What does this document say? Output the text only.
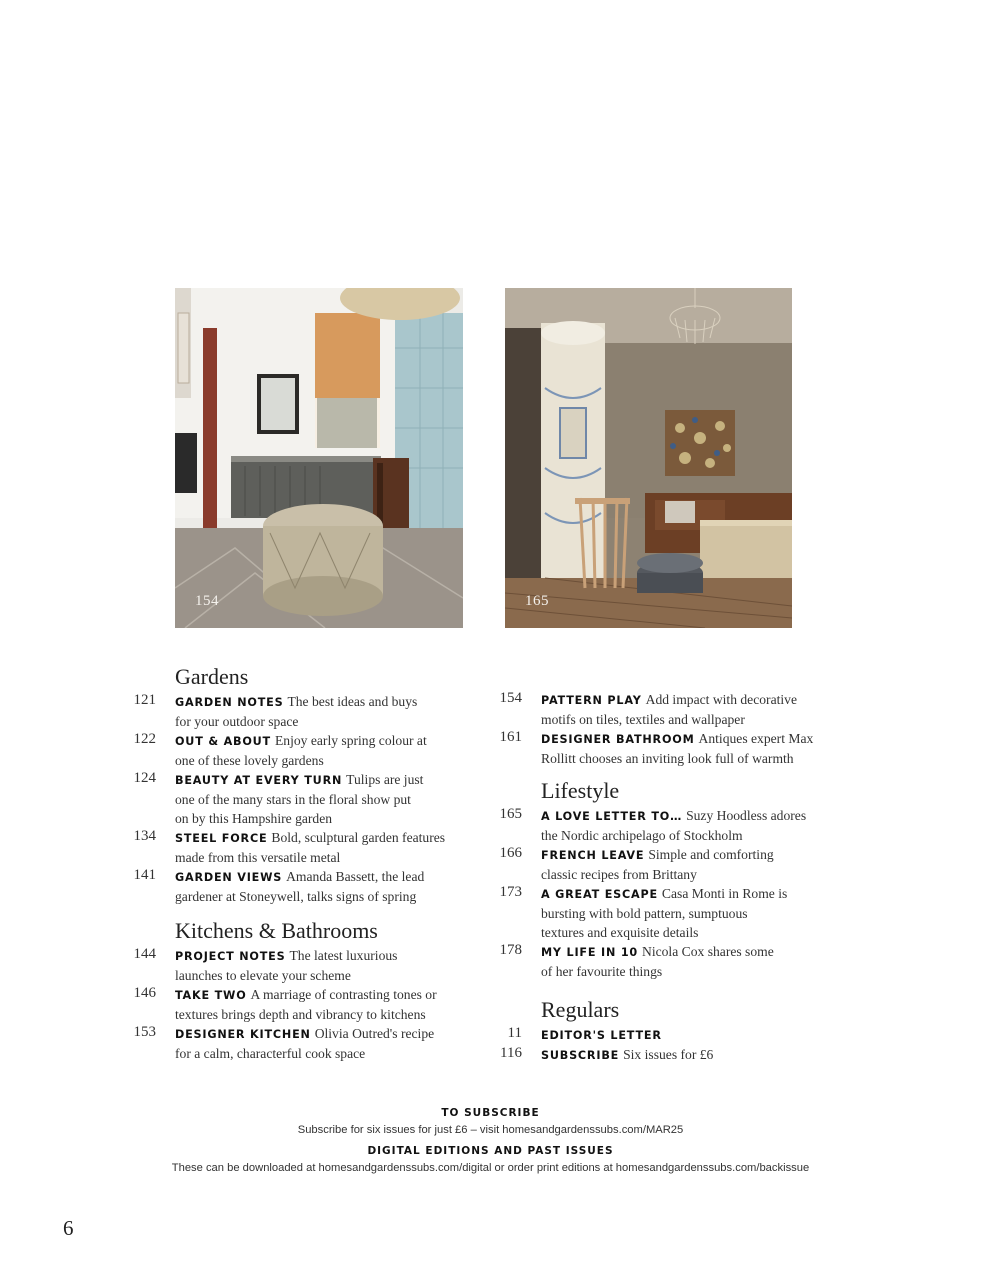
154	165
Gardens
121 GARDEN NOTES The best ideas and buys
for your outdoor space
122 OUT & ABOUT Enjoy early spring colour at
one of these lovely gardens
124 BEAUTY AT EVERY TURN Tulips are just
one of the many stars in the floral show put
on by this Hampshire garden
134 STEEL FORCE Bold, sculptural garden features
made from this versatile metal
141 GARDEN VIEWS Amanda Bassett, the lead
gardener at Stoneywell, talks signs of spring
Kitchens & Bathrooms
144 PROJECT NOTES The latest luxurious
launches to elevate your scheme
146 TAKE TWO A marriage of contrasting tones or
textures brings depth and vibrancy to kitchens
153 DESIGNER KITCHEN Olivia Outred's recipe
for a calm, characterful cook space
154 PATTERN PLAY Add impact with decorative
motifs on tiles, textiles and wallpaper
161 DESIGNER BATHROOM Antiques expert Max
Rollitt chooses an inviting look full of warmth
Lifestyle
165 A LOVE LETTER TO… Suzy Hoodless adores
the Nordic archipelago of Stockholm
166 FRENCH LEAVE Simple and comforting
classic recipes from Brittany
173 A GREAT ESCAPE Casa Monti in Rome is
bursting with bold pattern, sumptuous
textures and exquisite details
178 MY LIFE IN 10 Nicola Cox shares some
of her favourite things
Regulars
11 EDITOR'S LETTER
116 SUBSCRIBE Six issues for £6

TO SUBSCRIBE

Subscribe for six issues for just £6 – visit homesandgardenssubs.com/MAR25

DIGITAL EDITIONS AND PAST ISSUES

These can be downloaded at homesandgardenssubs.com/digital or order print editions at homesandgardenssubs.com/backissue

6
